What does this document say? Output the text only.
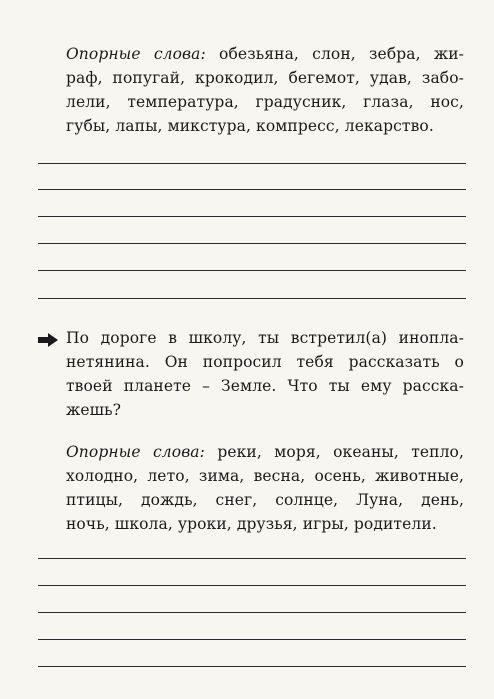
Опорные слова: обезьяна, слон, зебра, жи-
раф, попугай, крокодил, бегемот, удав, забо-
лели, температура, градусник, глаза, нос,
губы, лапы, микстура, компресс, лекарство.
По дороге в школу, ты встретил(а) инопла-
нетянина. Он попросил тебя рассказать о
твоей планете – Земле. Что ты ему расска-
жешь?
Опорные слова: реки, моря, океаны, тепло,
холодно, лето, зима, весна, осень, животные,
птицы, дождь, снег, солнце, Луна, день,
ночь, школа, уроки, друзья, игры, родители.
